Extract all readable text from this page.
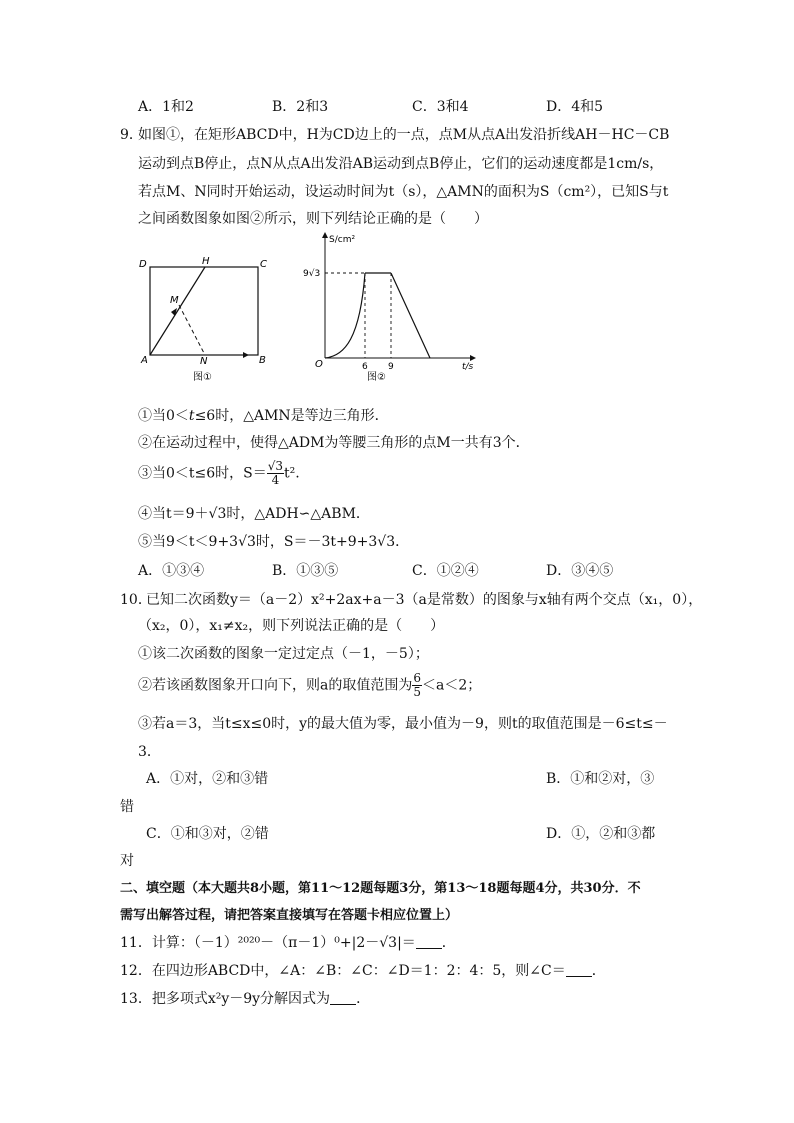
A．1和2	B．2和3	C．3和4	D．4和5
9．
如图①，在矩形ABCD中，H为CD边上的一点，点M从点A出发沿折线AH－HC－CB
运动到点B停止，点N从点A出发沿AB运动到点B停止，它们的运动速度都是1cm/s，
若点M、N同时开始运动，设运动时间为t（s），△AMN的面积为S（cm²），已知S与t
之间函数图象如图②所示，则下列结论正确的是（　　）
D	H	C
M
A	N	B
图①
S/cm²
t/s
9√3
6 9
O
图②
①当0＜t≤6时，△AMN是等边三角形．
②在运动过程中，使得△ADM为等腰三角形的点M一共有3个．
③当0＜t≤6时，$S= \frac{√3}{4} t^2$.
④当t＝9＋√3时，△ADH∽△ABM．
⑤当9＜t＜9+3√3时，S＝－3t+9+3√3．
A．①③④	B．①③⑤	C．①②④	D．③④⑤
10．
已知二次函数y＝（a－2）x²+2ax+a－3（a是常数）的图象与x轴有两个交点（x₁，0），
（x₂，0），x₁≠x₂，则下列说法正确的是（　　）
①该二次函数的图象一定过定点（－1，－5）；
②若该函数图象开口向下，则a的取值范围为 $\frac{6}{5} <a<2$；
③若a＝3，当t≤x≤0时，y的最大值为零，最小值为－9，则t的取值范围是－6≤t≤－
3．
A．①对，②和③错	B．①和②对，③
错
C．①和③对，②错	D．①，②和③都
对
二、填空题（本大题共8小题，第11～12题每题3分，第13～18题每题4分，共30分．不
需写出解答过程，请把答案直接填写在答题卡相应位置上）
11．计算：（－1）²⁰²⁰－（π－1）⁰+|2－√3|＝ ．
12．在四边形ABCD中，∠A：∠B：∠C：∠D＝1：2：4：5，则∠C＝ ．
13．把多项式x²y－9y分解因式为 ．
